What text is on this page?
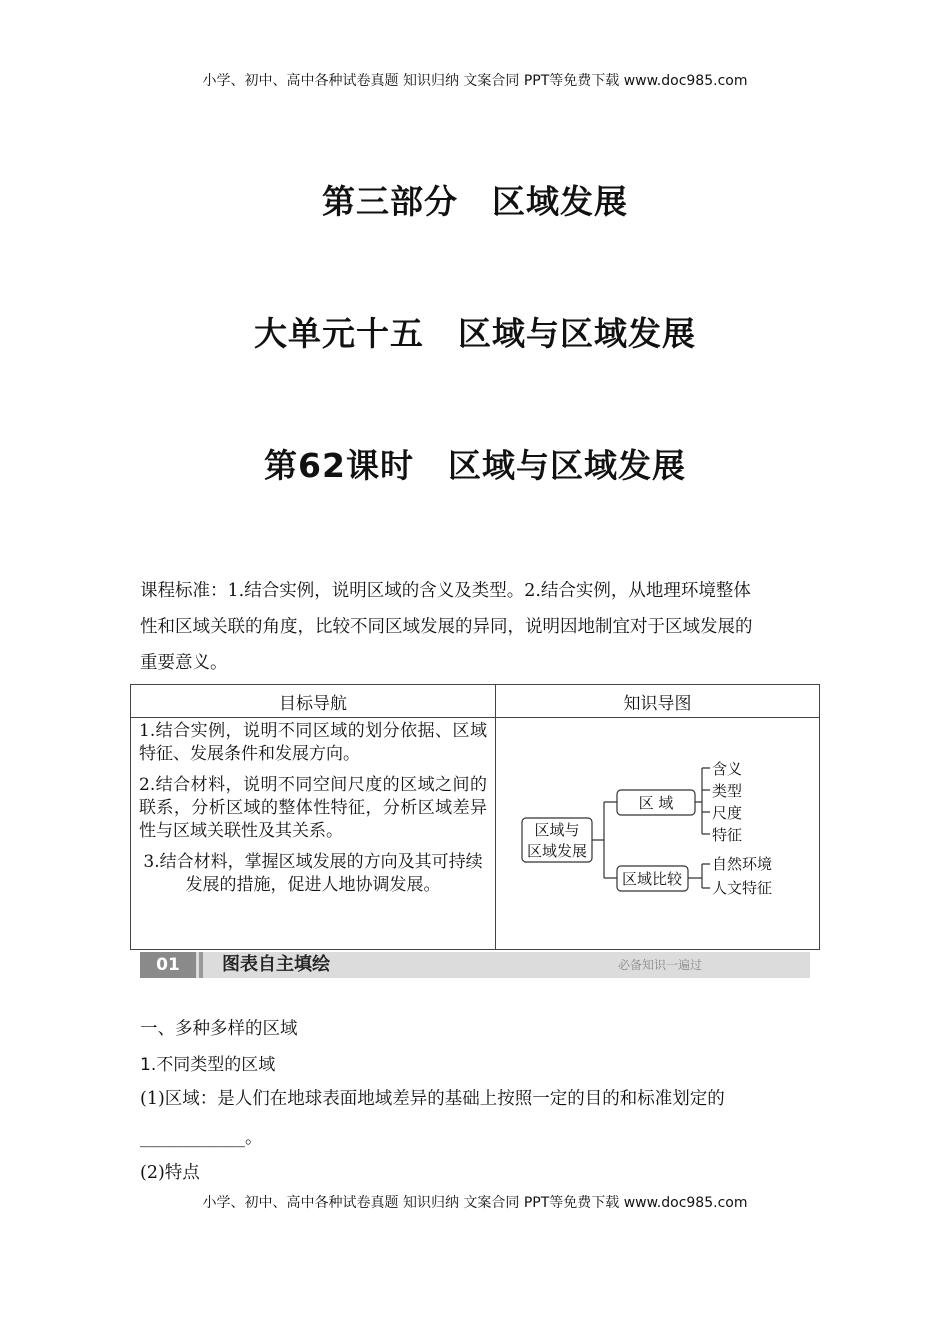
小学、初中、高中各种试卷真题 知识归纳 文案合同 PPT等免费下载 www.doc985.com
第三部分　区域发展
大单元十五　区域与区域发展
第62课时　区域与区域发展
课程标准：1.结合实例，说明区域的含义及类型。2.结合实例，从地理环境整体
性和区域关联的角度，比较不同区域发展的异同，说明因地制宜对于区域发展的
重要意义。
目标导航	知识导图

1.结合实例，说明不同区域的划分依据、区域特征、发展条件和发展方向。
2.结合材料，说明不同空间尺度的区域之间的联系，分析区域的整体性特征，分析区域差异性与区域关联性及其关系。
3.结合材料，掌握区域发展的方向及其可持续发展的措施，促进人地协调发展。	

区域与
区域发展
区 域
区域比较
含义
类型
尺度
特征
自然环境
人文特征
01	图表自主填绘	必备知识一遍过
一、多种多样的区域
1.不同类型的区域
(1)区域：是人们在地球表面地域差异的基础上按照一定的目的和标准划定的
____________。
(2)特点
小学、初中、高中各种试卷真题 知识归纳 文案合同 PPT等免费下载 www.doc985.com
